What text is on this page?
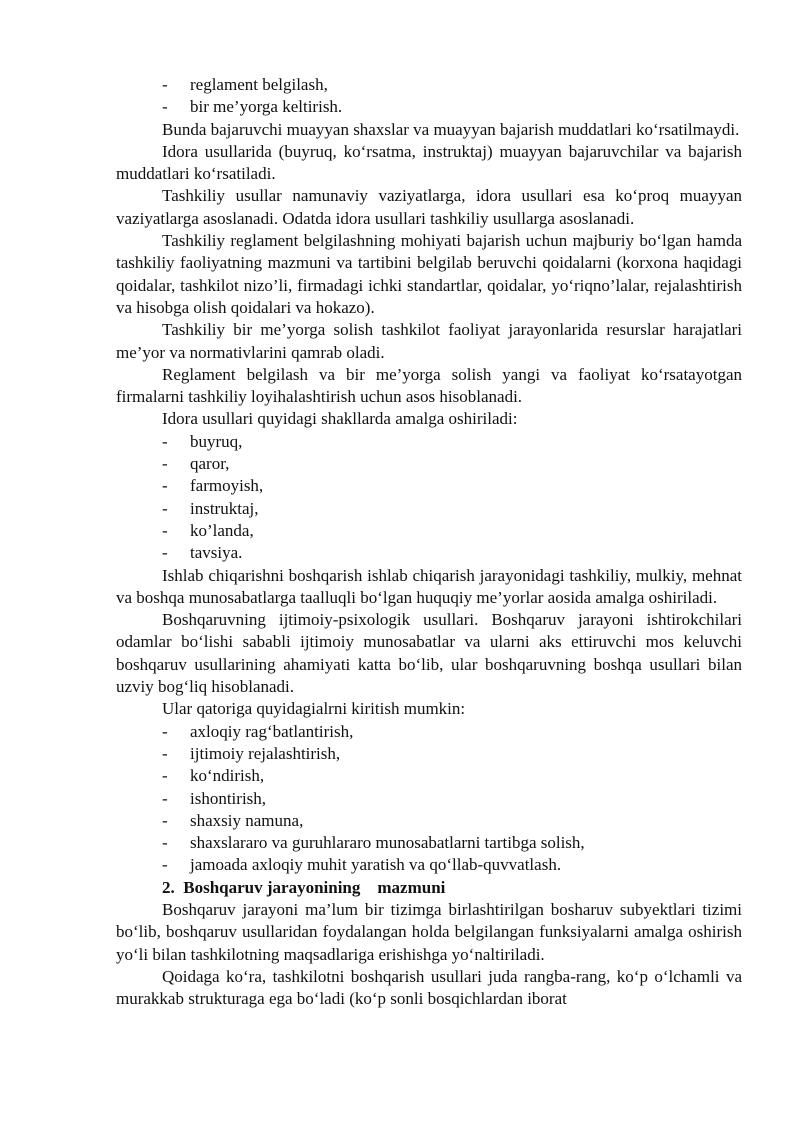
- reglament belgilash,
- bir me’yorga keltirish.

Bunda bajaruvchi muayyan shaxslar va muayyan bajarish muddatlari ko‘rsatilmaydi.

Idora usullarida (buyruq, ko‘rsatma, instruktaj) muayyan bajaruvchilar va bajarish muddatlari ko‘rsatiladi.

Tashkiliy usullar namunaviy vaziyatlarga, idora usullari esa ko‘proq muayyan vaziyatlarga asoslanadi. Odatda idora usullari tashkiliy usullarga asoslanadi.

Tashkiliy reglament belgilashning mohiyati bajarish uchun majburiy bo‘lgan hamda tashkiliy faoliyatning mazmuni va tartibini belgilab beruvchi qoidalarni (korxona haqidagi qoidalar, tashkilot nizo’li, firmadagi ichki standartlar, qoidalar, yo‘riqno’lalar, rejalashtirish va hisobga olish qoidalari va hokazo).

Tashkiliy bir me’yorga solish tashkilot faoliyat jarayonlarida resurslar harajatlari me’yor va normativlarini qamrab oladi.

Reglament belgilash va bir me’yorga solish yangi va faoliyat ko‘rsatayotgan firmalarni tashkiliy loyihalashtirish uchun asos hisoblanadi.

Idora usullari quyidagi shakllarda amalga oshiriladi:

- buyruq,
- qaror,
- farmoyish,
- instruktaj,
- ko’landa,
- tavsiya.

Ishlab chiqarishni boshqarish ishlab chiqarish jarayonidagi tashkiliy, mulkiy, mehnat va boshqa munosabatlarga taalluqli bo‘lgan huquqiy me’yorlar aosida amalga oshiriladi.

Boshqaruvning ijtimoiy-psixologik usullari. Boshqaruv jarayoni ishtirokchilari odamlar bo‘lishi sababli ijtimoiy munosabatlar va ularni aks ettiruvchi mos keluvchi boshqaruv usullarining ahamiyati katta bo‘lib, ular boshqaruvning boshqa usullari bilan uzviy bog‘liq hisoblanadi.

Ular qatoriga quyidagialrni kiritish mumkin:

- axloqiy rag‘batlantirish,
- ijtimoiy rejalashtirish,
- ko‘ndirish,
- ishontirish,
- shaxsiy namuna,
- shaxslararo va guruhlararo munosabatlarni tartibga solish,
- jamoada axloqiy muhit yaratish va qo‘llab-quvvatlash.
2.  Boshqaruv jarayonining    mazmuni

Boshqaruv jarayoni ma’lum bir tizimga birlashtirilgan bosharuv subyektlari tizimi bo‘lib, boshqaruv usullaridan foydalangan holda belgilangan funksiyalarni amalga oshirish yo‘li bilan tashkilotning maqsadlariga erishishga yo‘naltiriladi.

Qoidaga ko‘ra, tashkilotni boshqarish usullari juda rangba-rang, ko‘p o‘lchamli va murakkab strukturaga ega bo‘ladi (ko‘p sonli bosqichlardan iborat
